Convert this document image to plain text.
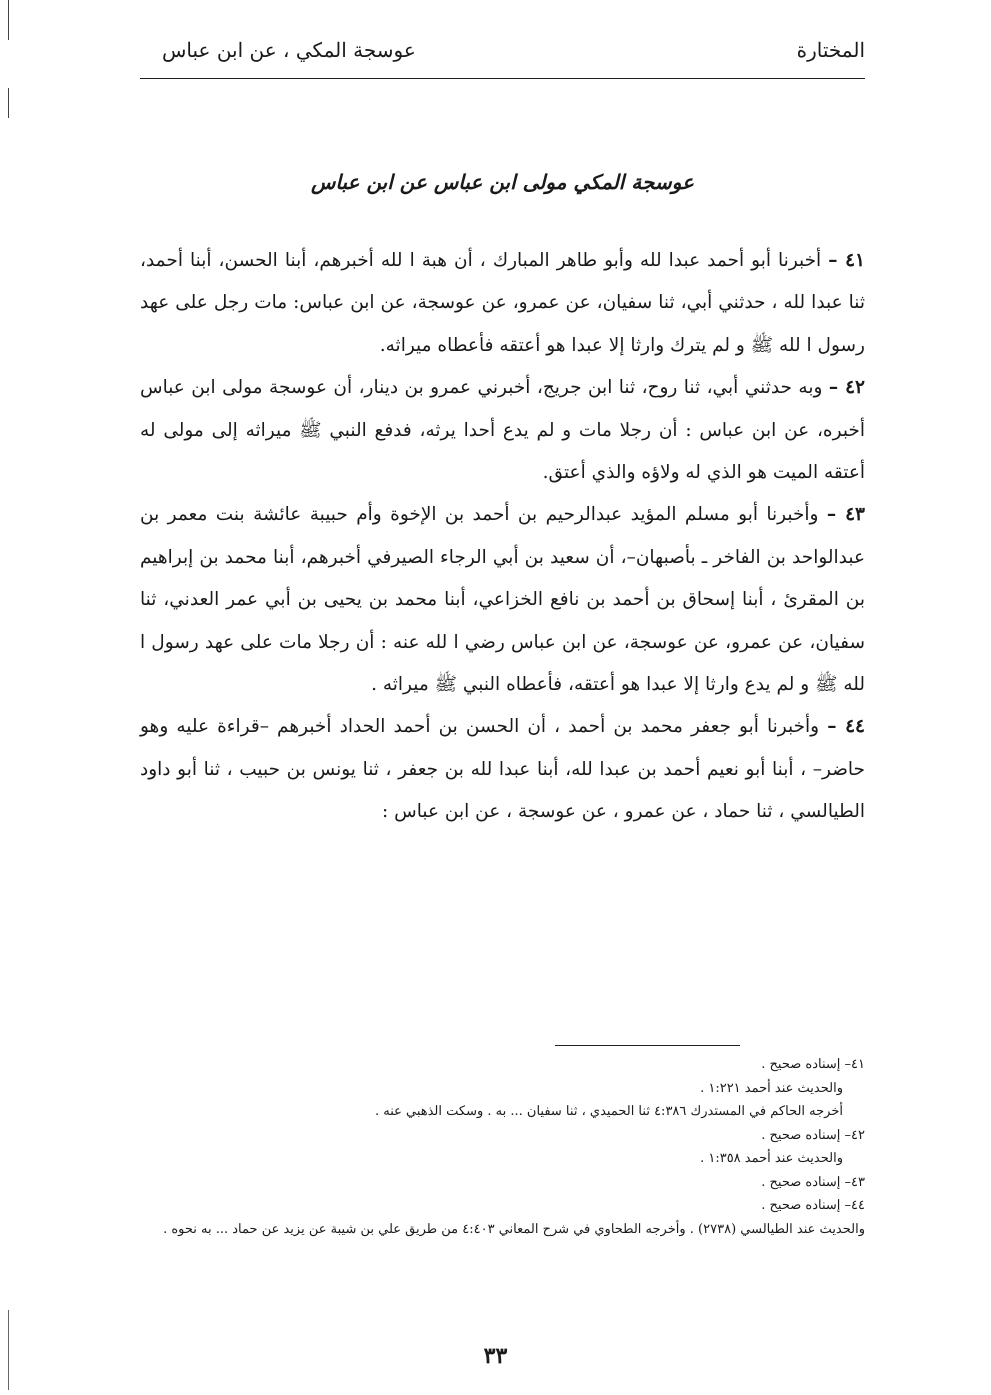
المختارة
عوسجة المكي ، عن ابن عباس
عوسجة المكي مولى ابن عباس عن ابن عباس

٤١ – أخبرنا أبو أحمد عبدا لله وأبو طاهر المبارك ، أن هبة ا لله أخبرهم، أبنا الحسن، أبنا أحمد، ثنا عبدا لله ، حدثني أبي، ثنا سفيان، عن عمرو، عن عوسجة، عن ابن عباس: مات رجل على عهد رسول ا لله ﷺ و لم يترك وارثا إلا عبدا هو أعتقه فأعطاه ميراثه.

٤٢ – وبه حدثني أبي، ثنا روح، ثنا ابن جريج، أخبرني عمرو بن دينار، أن عوسجة مولى ابن عباس أخبره، عن ابن عباس : أن رجلا مات و لم يدع أحدا يرثه، فدفع النبي ﷺ ميراثه إلى مولى له أعتقه الميت هو الذي له ولاؤه والذي أعتق.

٤٣ – وأخبرنا أبو مسلم المؤيد عبدالرحيم بن أحمد بن الإخوة وأم حبيبة عائشة بنت معمر بن عبدالواحد بن الفاخر ـ بأصبهان–، أن سعيد بن أبي الرجاء الصيرفي أخبرهم، أبنا محمد بن إبراهيم بن المقرئ ، أبنا إسحاق بن أحمد بن نافع الخزاعي، أبنا محمد بن يحيى بن أبي عمر العدني، ثنا سفيان، عن عمرو، عن عوسجة، عن ابن عباس رضي ا لله عنه : أن رجلا مات على عهد رسول ا لله ﷺ و لم يدع وارثا إلا عبدا هو أعتقه، فأعطاه النبي ﷺ ميراثه .

٤٤ – وأخبرنا أبو جعفر محمد بن أحمد ، أن الحسن بن أحمد الحداد أخبرهم –قراءة عليه وهو حاضر– ، أبنا أبو نعيم أحمد بن عبدا لله، أبنا عبدا لله بن جعفر ، ثنا يونس بن حبيب ، ثنا أبو داود الطيالسي ، ثنا حماد ، عن عمرو ، عن عوسجة ، عن ابن عباس :

٤١– إسناده صحيح .
والحديث عند أحمد ١:٢٢١ .
أخرجه الحاكم في المستدرك ٤:٣٨٦ ثنا الحميدي ، ثنا سفيان ... به . وسكت الذهبي عنه .
٤٢– إسناده صحيح .
والحديث عند أحمد ١:٣٥٨ .
٤٣– إسناده صحيح .
٤٤– إسناده صحيح .
والحديث عند الطيالسي (٢٧٣٨) . وأخرجه الطحاوي في شرح المعاني ٤:٤٠٣ من طريق علي بن شيبة عن يزيد عن حماد ... به نحوه .
٣٣
